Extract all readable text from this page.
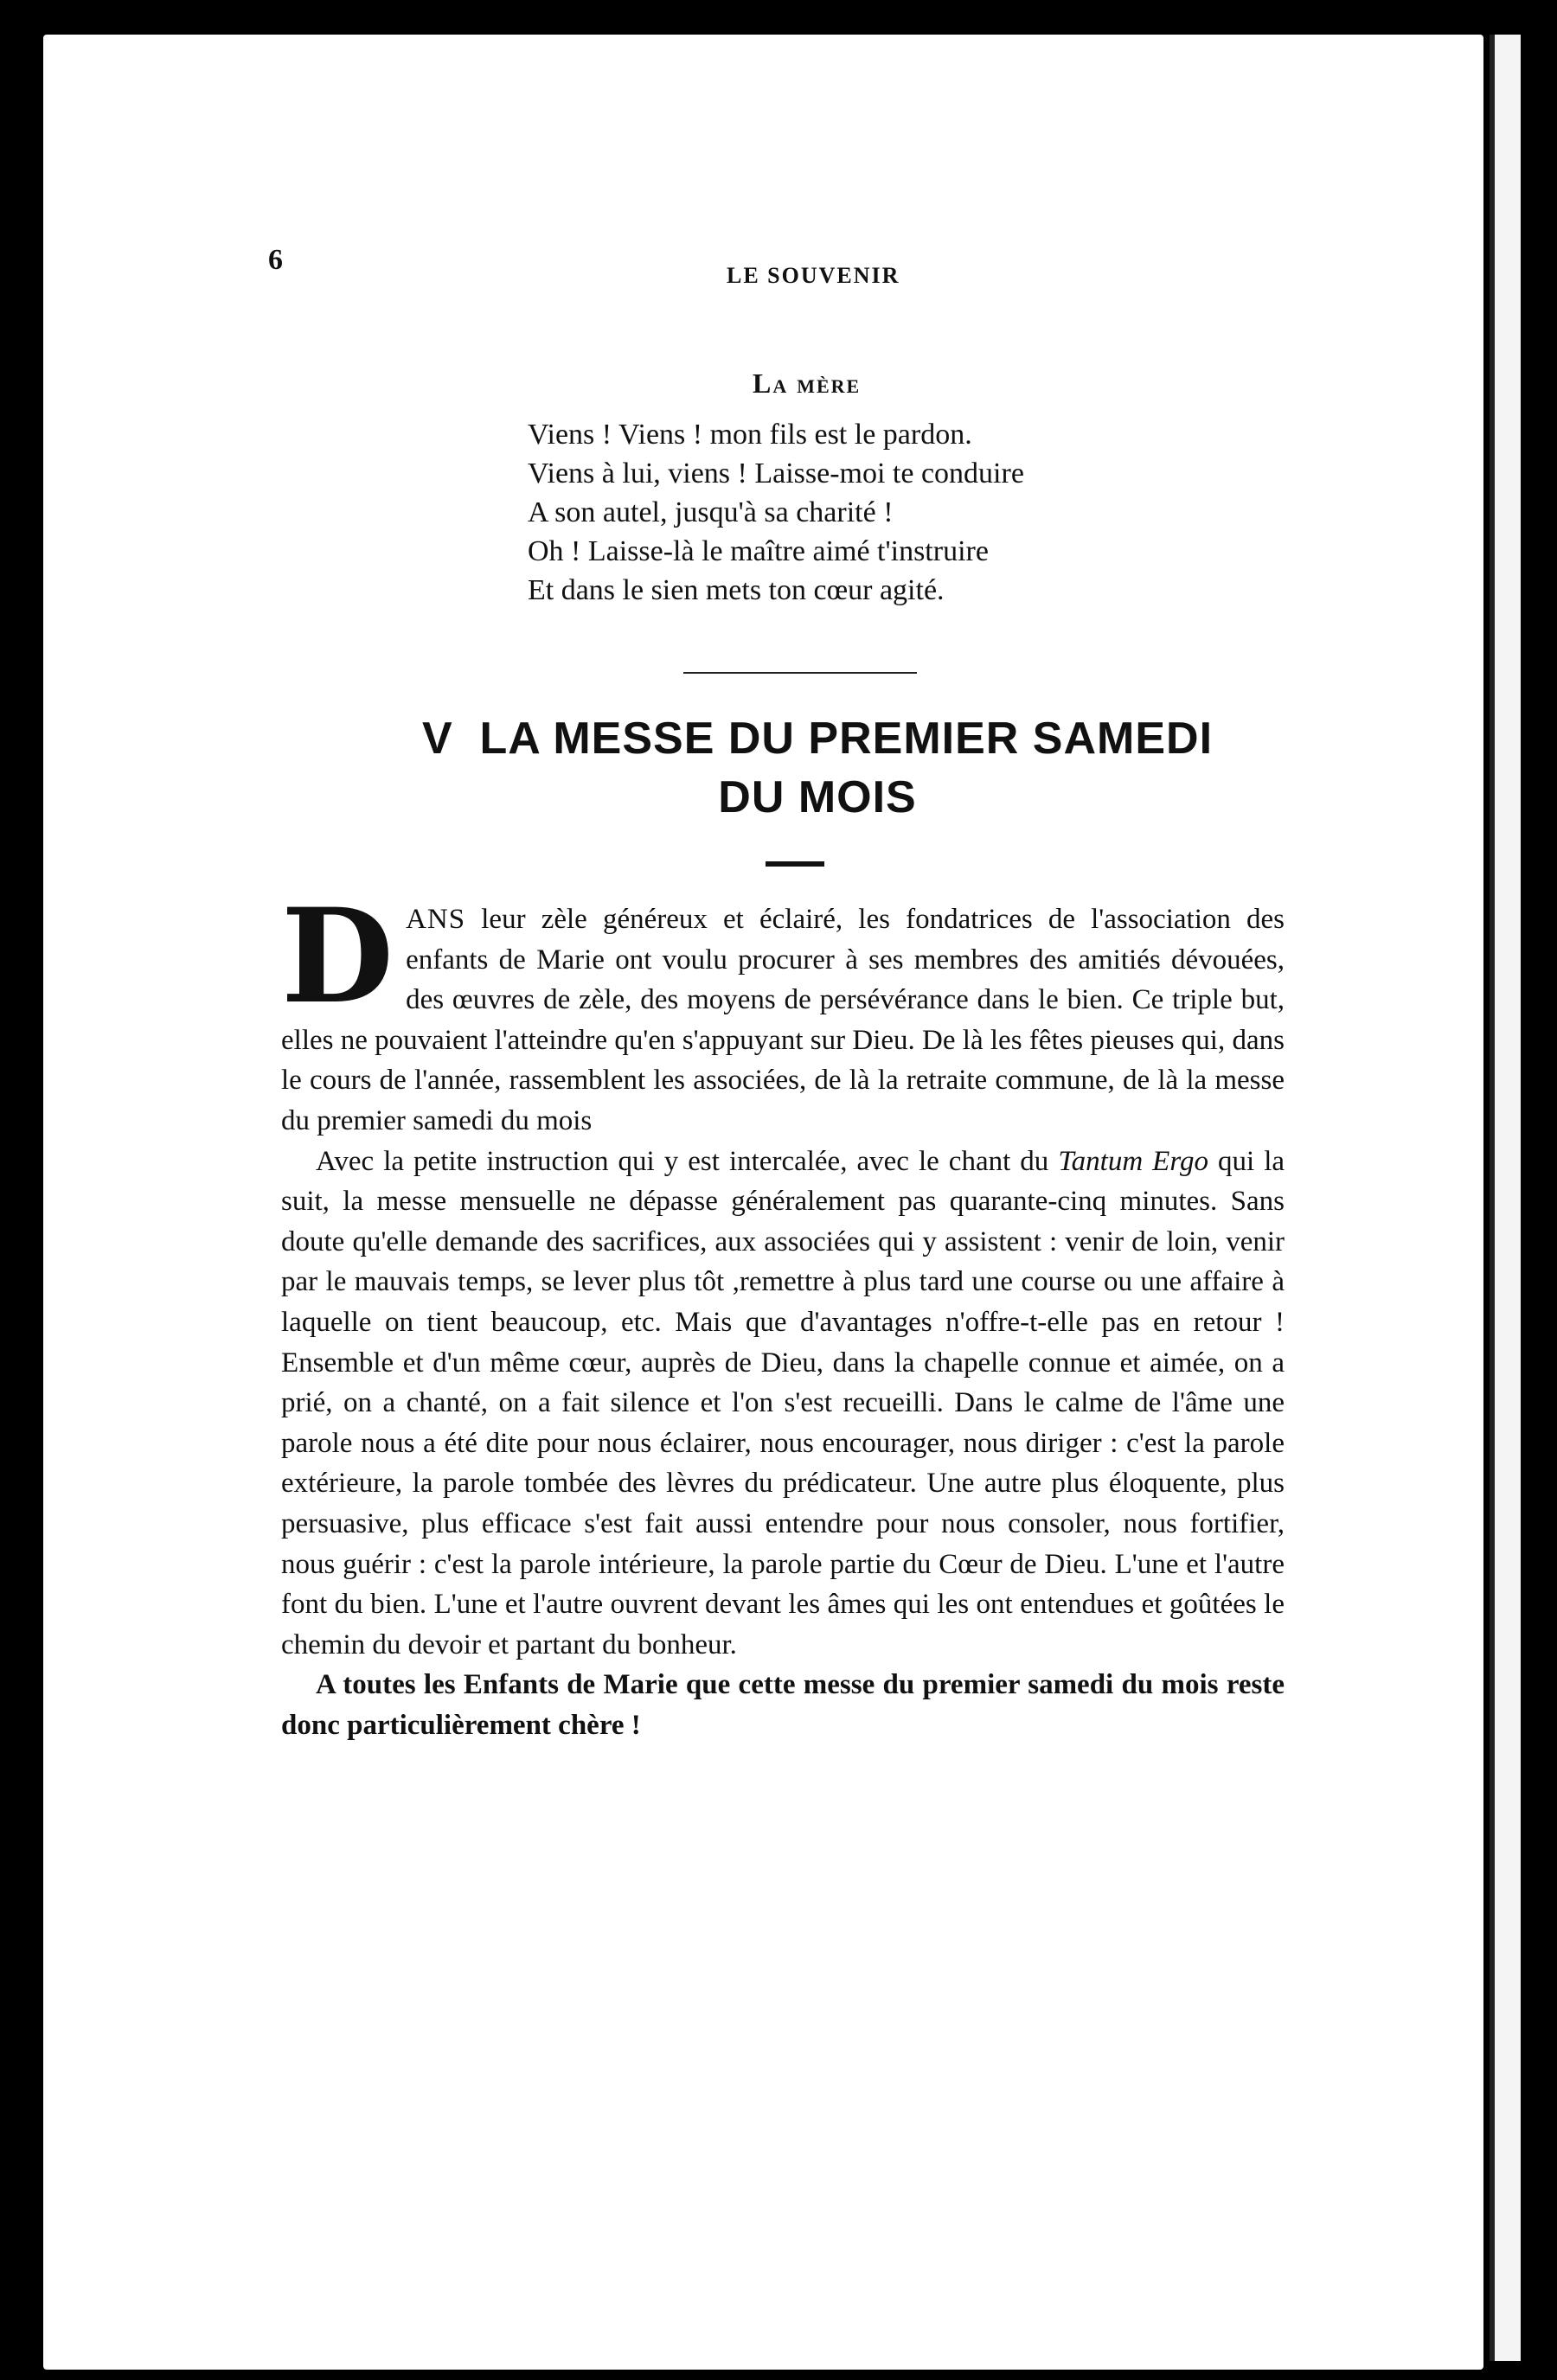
6	LE SOUVENIR
La mère
Viens ! Viens ! mon fils est le pardon.
Viens à lui, viens ! Laisse-moi te conduire
A son autel, jusqu'à sa charité !
Oh ! Laisse-là le maître aimé t'instruire
Et dans le sien mets ton cœur agité.
V  LA MESSE DU PREMIER SAMEDI
DU MOIS

DANS leur zèle généreux et éclairé, les fondatrices de l'association des enfants de Marie ont voulu procurer à ses membres des amitiés dévouées, des œuvres de zèle, des moyens de persévérance dans le bien. Ce triple but, elles ne pouvaient l'atteindre qu'en s'appuyant sur Dieu. De là les fêtes pieuses qui, dans le cours de l'année, rassemblent les associées, de là la retraite commune, de là la messe du premier samedi du mois

Avec la petite instruction qui y est intercalée, avec le chant du Tantum Ergo qui la suit, la messe mensuelle ne dépasse généralement pas quarante-cinq minutes. Sans doute qu'elle demande des sacrifices, aux associées qui y assistent : venir de loin, venir par le mauvais temps, se lever plus tôt ,remettre à plus tard une course ou une affaire à laquelle on tient beaucoup, etc. Mais que d'avantages n'offre-t-elle pas en retour ! Ensemble et d'un même cœur, auprès de Dieu, dans la chapelle connue et aimée, on a prié, on a chanté, on a fait silence et l'on s'est recueilli. Dans le calme de l'âme une parole nous a été dite pour nous éclairer, nous encourager, nous diriger : c'est la parole extérieure, la parole tombée des lèvres du prédicateur. Une autre plus éloquente, plus persuasive, plus efficace s'est fait aussi entendre pour nous consoler, nous fortifier, nous guérir : c'est la parole intérieure, la parole partie du Cœur de Dieu. L'une et l'autre font du bien. L'une et l'autre ouvrent devant les âmes qui les ont entendues et goûtées le chemin du devoir et partant du bonheur.

A toutes les Enfants de Marie que cette messe du premier samedi du mois reste donc particulièrement chère !
